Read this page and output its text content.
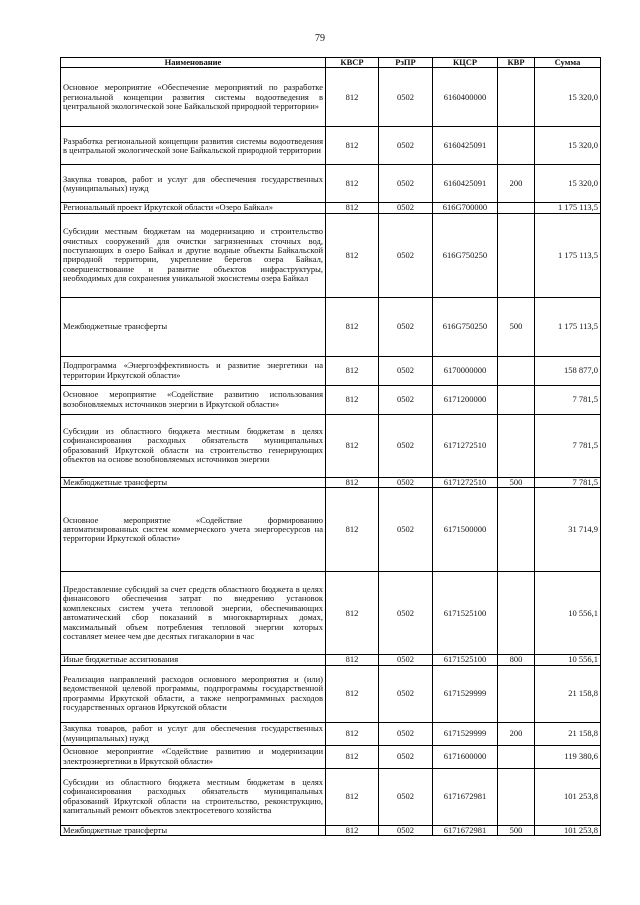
79
Наименование	КВСР	РзПР	КЦСР	КВР	Сумма
Основное мероприятие «Обеспечение мероприятий по разработке региональной концепции развития системы водоотведения в центральной экологической зоне Байкальской природной территории»	812	0502	6160400000		15 320,0
Разработка региональной концепции развития системы водоотведения в центральной экологической зоне Байкальской природной территории	812	0502	6160425091		15 320,0
Закупка товаров, работ и услуг для обеспечения государственных (муниципальных) нужд	812	0502	6160425091	200	15 320,0
Региональный проект Иркутской области «Озеро Байкал»	812	0502	616G700000		1 175 113,5
Субсидии местным бюджетам на модернизацию и строительство очистных сооружений для очистки загрязненных сточных вод, поступающих в озеро Байкал и другие водные объекты Байкальской природной территории, укрепление берегов озера Байкал, совершенствование и развитие объектов инфраструктуры, необходимых для сохранения уникальной экосистемы озера Байкал	812	0502	616G750250		1 175 113,5
Межбюджетные трансферты	812	0502	616G750250	500	1 175 113,5
Подпрограмма «Энергоэффективность и развитие энергетики на территории Иркутской области»	812	0502	6170000000		158 877,0
Основное мероприятие «Содействие развитию использования возобновляемых источников энергии в Иркутской области»	812	0502	6171200000		7 781,5
Субсидии из областного бюджета местным бюджетам в целях софинансирования расходных обязательств муниципальных образований Иркутской области на строительство генерирующих объектов на основе возобновляемых источников энергии	812	0502	6171272510		7 781,5
Межбюджетные трансферты	812	0502	6171272510	500	7 781,5
Основное мероприятие «Содействие формированию автоматизированных систем коммерческого учета энергоресурсов на территории Иркутской области»	812	0502	6171500000		31 714,9
Предоставление субсидий за счет средств областного бюджета в целях финансового обеспечения затрат по внедрению установок комплексных систем учета тепловой энергии, обеспечивающих автоматический сбор показаний в многоквартирных домах, максимальный объем потребления тепловой энергии которых составляет менее чем две десятых гигакалории в час	812	0502	6171525100		10 556,1
Иные бюджетные ассигнования	812	0502	6171525100	800	10 556,1
Реализация направлений расходов основного мероприятия и (или) ведомственной целевой программы, подпрограммы государственной программы Иркутской области, а также непрограммных расходов государственных органов Иркутской области	812	0502	6171529999		21 158,8
Закупка товаров, работ и услуг для обеспечения государственных (муниципальных) нужд	812	0502	6171529999	200	21 158,8
Основное мероприятие «Содействие развитию и модернизации электроэнергетики в Иркутской области»	812	0502	6171600000		119 380,6
Субсидии из областного бюджета местным бюджетам в целях софинансирования расходных обязательств муниципальных образований Иркутской области на строительство, реконструкцию, капитальный ремонт объектов электросетевого хозяйства	812	0502	6171672981		101 253,8
Межбюджетные трансферты	812	0502	6171672981	500	101 253,8
